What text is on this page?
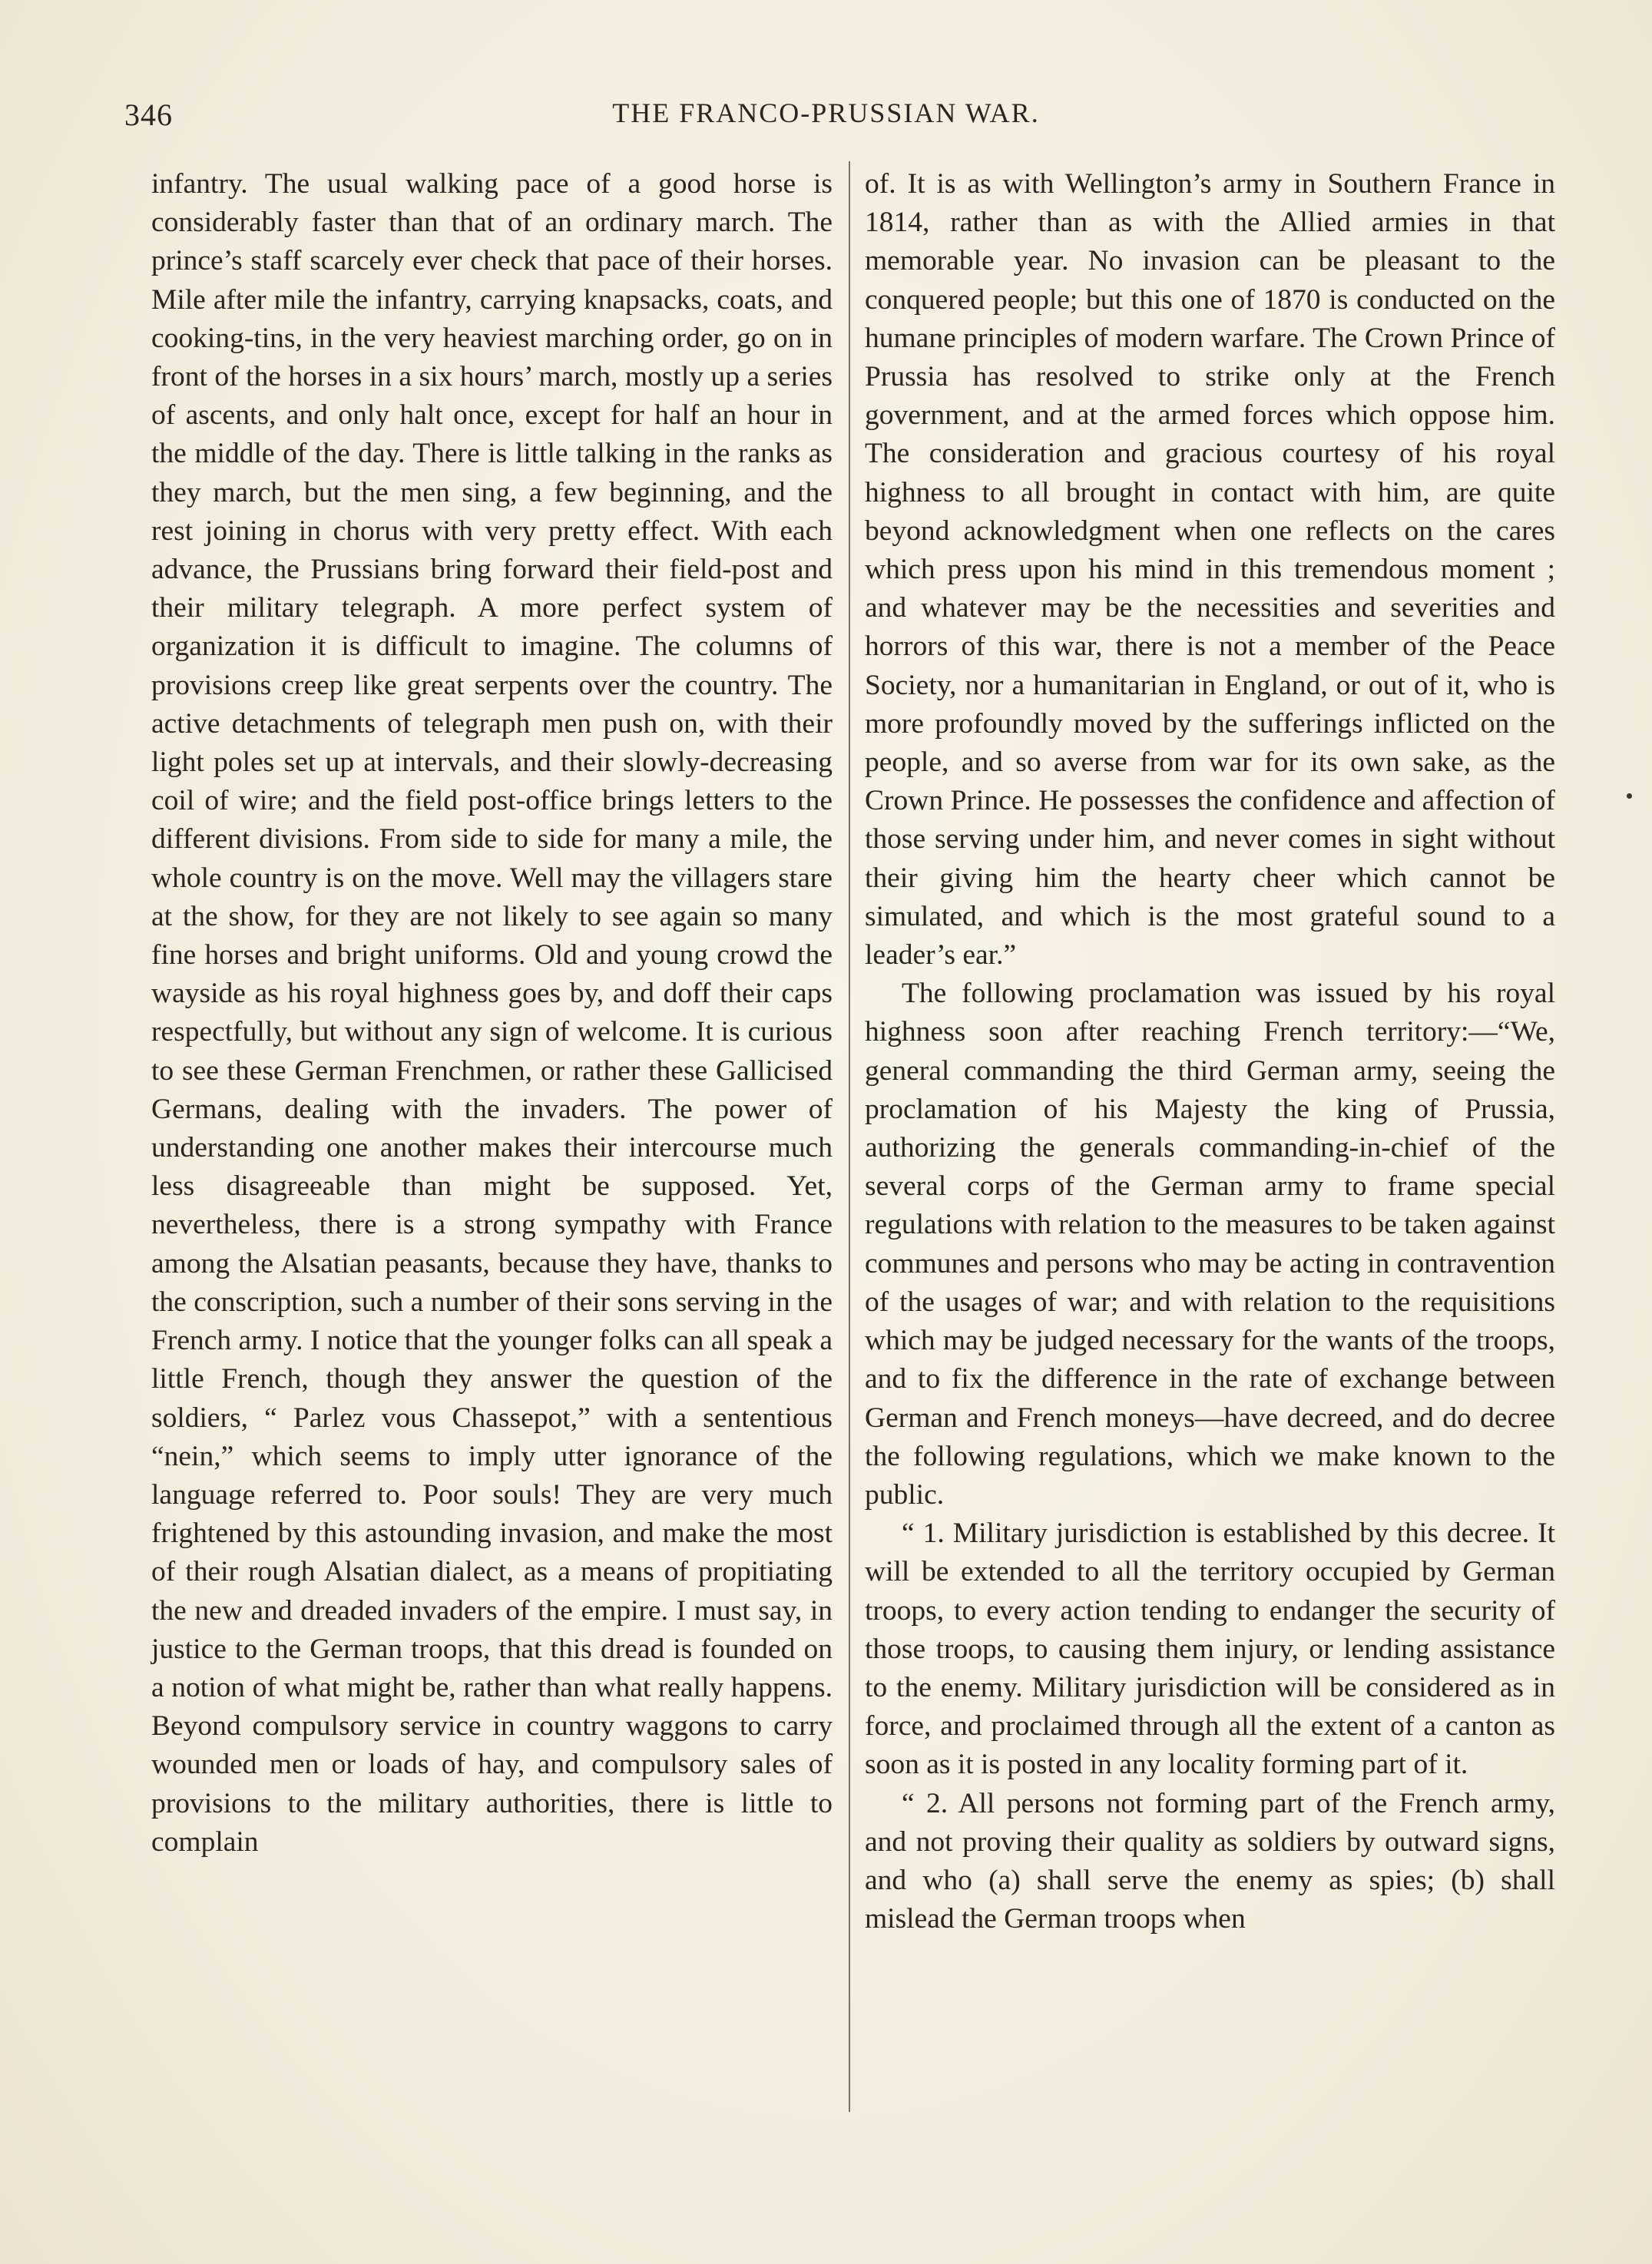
346	THE FRANCO-PRUSSIAN WAR.

infantry. The usual walking pace of a good horse is considerably faster than that of an ordinary march. The prince’s staff scarcely ever check that pace of their horses. Mile after mile the infantry, carrying knapsacks, coats, and cooking-tins, in the very heaviest marching order, go on in front of the horses in a six hours’ march, mostly up a series of ascents, and only halt once, except for half an hour in the middle of the day. There is little talking in the ranks as they march, but the men sing, a few beginning, and the rest joining in chorus with very pretty effect. With each advance, the Prussians bring forward their field-post and their military telegraph. A more perfect system of organization it is difficult to imagine. The columns of provisions creep like great serpents over the country. The active detachments of telegraph men push on, with their light poles set up at intervals, and their slowly-decreasing coil of wire; and the field post-office brings letters to the different divisions. From side to side for many a mile, the whole country is on the move. Well may the villagers stare at the show, for they are not likely to see again so many fine horses and bright uniforms. Old and young crowd the wayside as his royal highness goes by, and doff their caps respectfully, but without any sign of welcome. It is curious to see these German Frenchmen, or rather these Gallicised Germans, dealing with the invaders. The power of understanding one another makes their intercourse much less disagreeable than might be supposed. Yet, nevertheless, there is a strong sympathy with France among the Alsatian peasants, because they have, thanks to the conscription, such a number of their sons serving in the French army. I notice that the younger folks can all speak a little French, though they answer the question of the soldiers, “ Parlez vous Chassepot,” with a sententious “nein,” which seems to imply utter ignorance of the language referred to. Poor souls! They are very much frightened by this astounding invasion, and make the most of their rough Alsatian dialect, as a means of propitiating the new and dreaded invaders of the empire. I must say, in justice to the German troops, that this dread is founded on a notion of what might be, rather than what really happens. Beyond compulsory service in country waggons to carry wounded men or loads of hay, and compulsory sales of provisions to the military authorities, there is little to complain

of. It is as with Wellington’s army in Southern France in 1814, rather than as with the Allied armies in that memorable year. No invasion can be pleasant to the conquered people; but this one of 1870 is conducted on the humane principles of modern warfare. The Crown Prince of Prussia has resolved to strike only at the French government, and at the armed forces which oppose him. The consideration and gracious courtesy of his royal highness to all brought in contact with him, are quite beyond acknowledgment when one reflects on the cares which press upon his mind in this tremendous moment ; and whatever may be the necessities and severities and horrors of this war, there is not a member of the Peace Society, nor a humanitarian in England, or out of it, who is more profoundly moved by the sufferings inflicted on the people, and so averse from war for its own sake, as the Crown Prince. He possesses the confidence and affection of those serving under him, and never comes in sight without their giving him the hearty cheer which cannot be simulated, and which is the most grateful sound to a leader’s ear.”

The following proclamation was issued by his royal highness soon after reaching French territory:—“We, general commanding the third German army, seeing the proclamation of his Majesty the king of Prussia, authorizing the generals commanding-in-chief of the several corps of the German army to frame special regulations with relation to the measures to be taken against communes and persons who may be acting in contravention of the usages of war; and with relation to the requisitions which may be judged necessary for the wants of the troops, and to fix the difference in the rate of exchange between German and French moneys—have decreed, and do decree the following regulations, which we make known to the public.

“ 1. Military jurisdiction is established by this decree. It will be extended to all the territory occupied by German troops, to every action tending to endanger the security of those troops, to causing them injury, or lending assistance to the enemy. Military jurisdiction will be considered as in force, and proclaimed through all the extent of a canton as soon as it is posted in any locality forming part of it.

“ 2. All persons not forming part of the French army, and not proving their quality as soldiers by outward signs, and who (a) shall serve the enemy as spies; (b) shall mislead the German troops when
